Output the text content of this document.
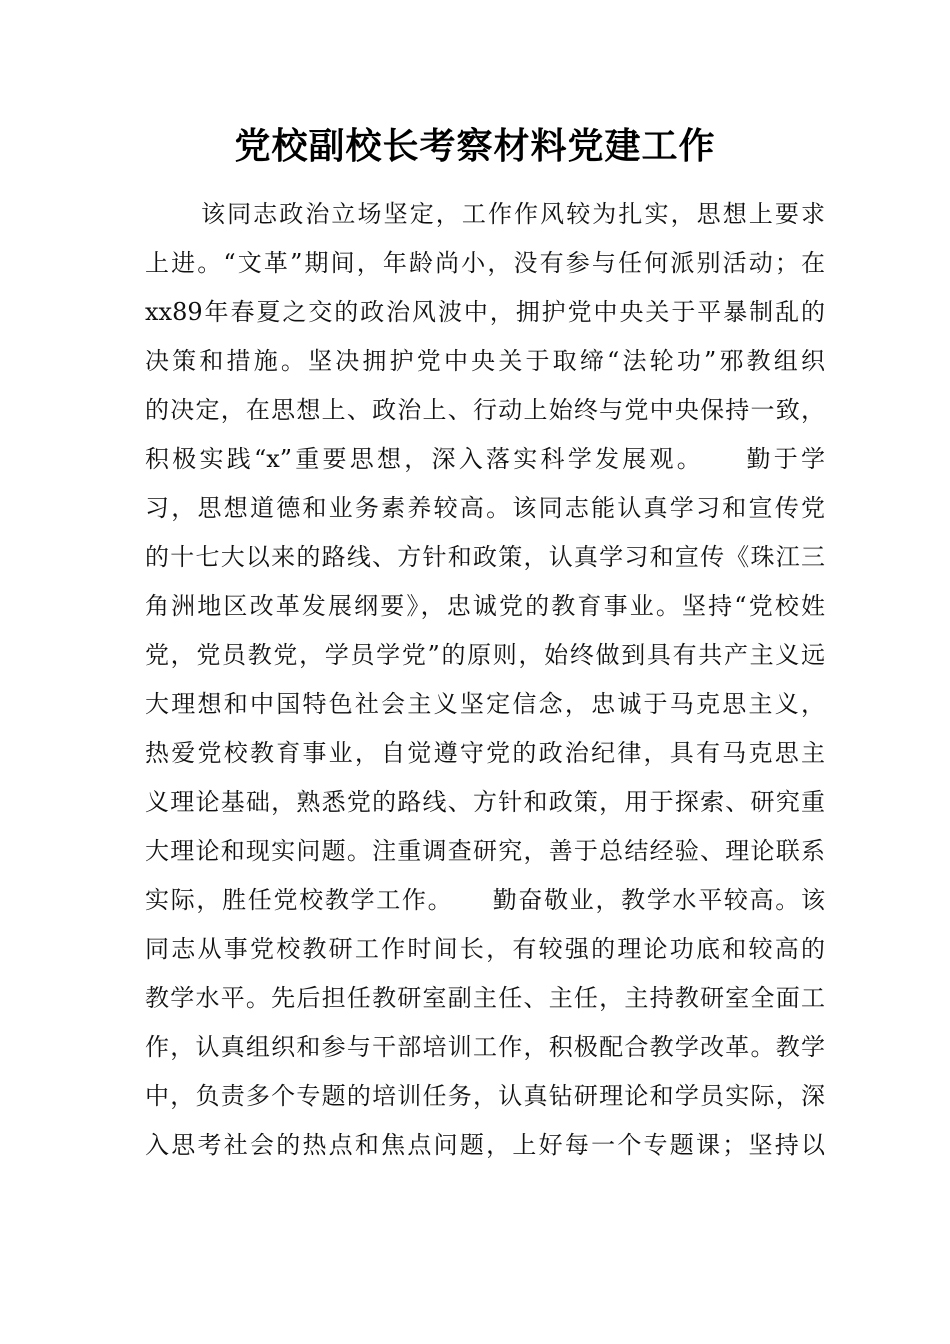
党校副校长考察材料党建工作
该同志政治立场坚定，工作作风较为扎实，思想上要求
上进。“文革”期间，年龄尚小，没有参与任何派别活动；在
xx89年春夏之交的政治风波中，拥护党中央关于平暴制乱的
决策和措施。坚决拥护党中央关于取缔“法轮功”邪教组织
的决定，在思想上、政治上、行动上始终与党中央保持一致，
积极实践“x”重要思想，深入落实科学发展观。　　勤于学
习，思想道德和业务素养较高。该同志能认真学习和宣传党
的十七大以来的路线、方针和政策，认真学习和宣传《珠江三
角洲地区改革发展纲要》，忠诚党的教育事业。坚持“党校姓
党，党员教党，学员学党”的原则，始终做到具有共产主义远
大理想和中国特色社会主义坚定信念，忠诚于马克思主义，
热爱党校教育事业，自觉遵守党的政治纪律，具有马克思主
义理论基础，熟悉党的路线、方针和政策，用于探索、研究重
大理论和现实问题。注重调查研究，善于总结经验、理论联系
实际，胜任党校教学工作。　　勤奋敬业，教学水平较高。该
同志从事党校教研工作时间长，有较强的理论功底和较高的
教学水平。先后担任教研室副主任、主任，主持教研室全面工
作，认真组织和参与干部培训工作，积极配合教学改革。教学
中，负责多个专题的培训任务，认真钻研理论和学员实际，深
入思考社会的热点和焦点问题，上好每一个专题课；坚持以
